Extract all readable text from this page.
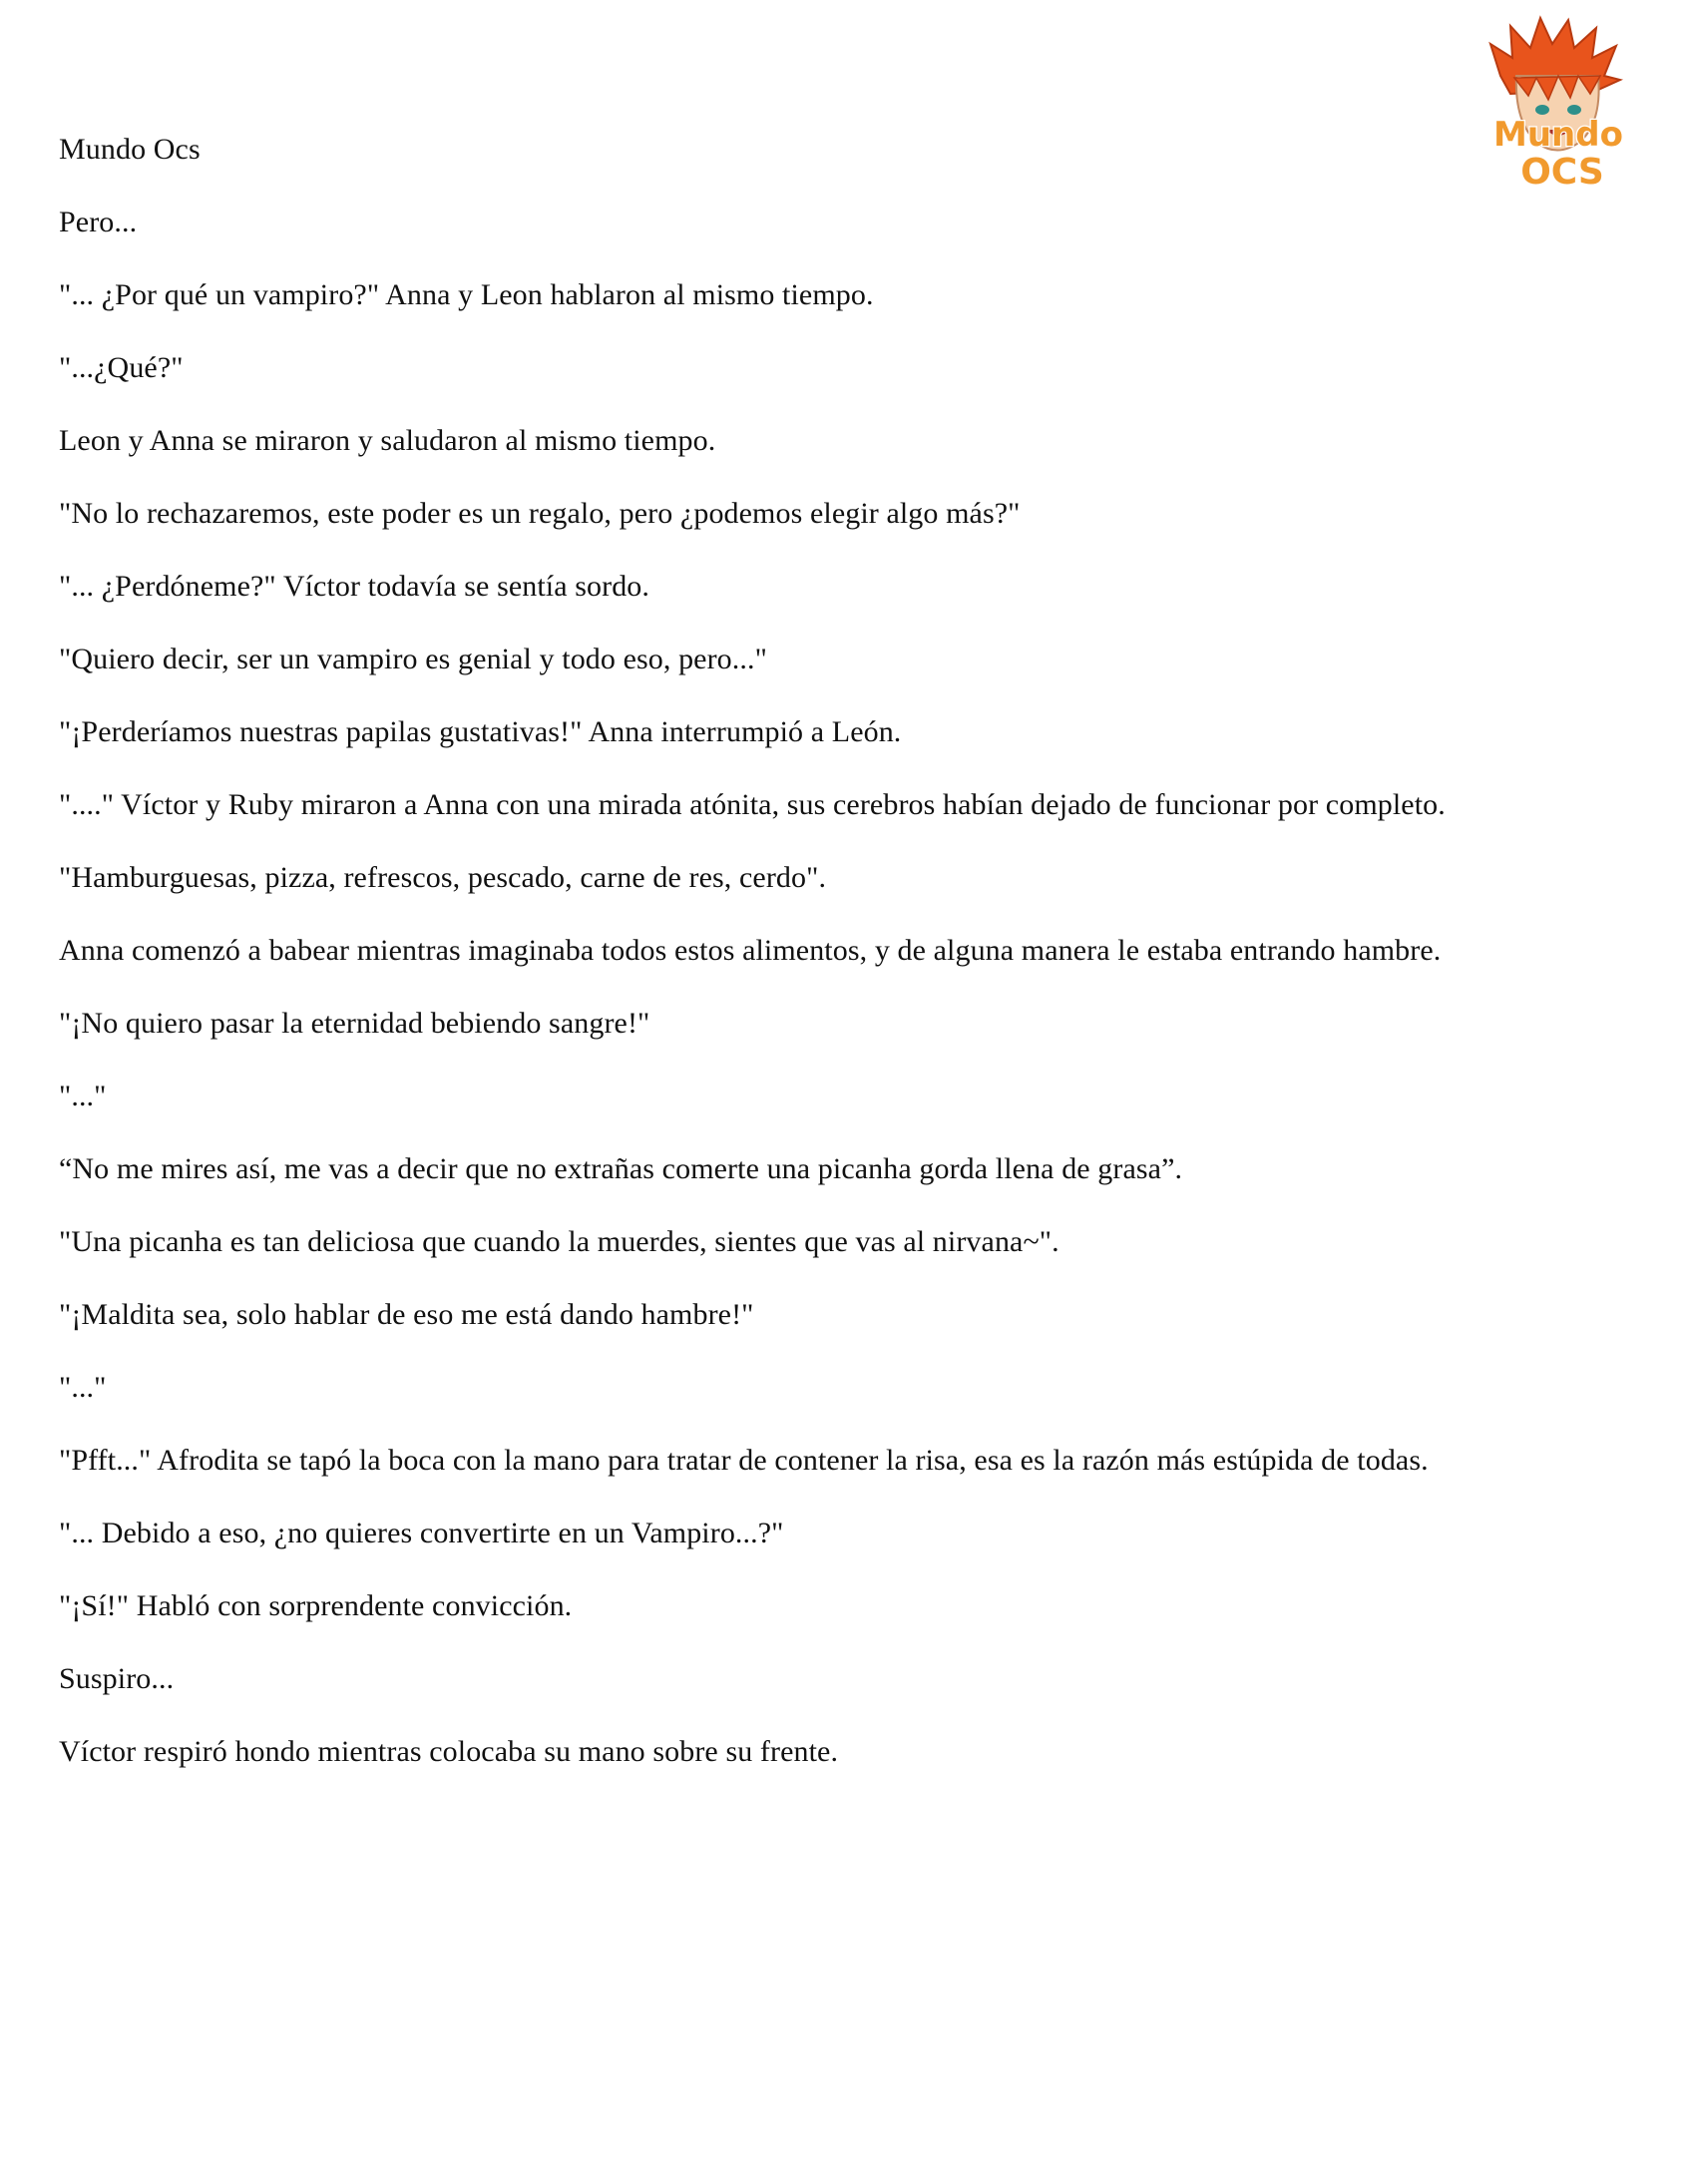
Mundo
OCS

Mundo Ocs

Pero...

"... ¿Por qué un vampiro?" Anna y Leon hablaron al mismo tiempo.

"...¿Qué?"

Leon y Anna se miraron y saludaron al mismo tiempo.

"No lo rechazaremos, este poder es un regalo, pero ¿podemos elegir algo más?"

"... ¿Perdóneme?" Víctor todavía se sentía sordo.

"Quiero decir, ser un vampiro es genial y todo eso, pero..."

"¡Perderíamos nuestras papilas gustativas!" Anna interrumpió a León.

"...." Víctor y Ruby miraron a Anna con una mirada atónita, sus cerebros habían dejado de funcionar por completo.

"Hamburguesas, pizza, refrescos, pescado, carne de res, cerdo".

Anna comenzó a babear mientras imaginaba todos estos alimentos, y de alguna manera le estaba entrando hambre.

"¡No quiero pasar la eternidad bebiendo sangre!"

"..."

“No me mires así, me vas a decir que no extrañas comerte una picanha gorda llena de grasa”.

"Una picanha es tan deliciosa que cuando la muerdes, sientes que vas al nirvana~".

"¡Maldita sea, solo hablar de eso me está dando hambre!"

"..."

"Pfft..." Afrodita se tapó la boca con la mano para tratar de contener la risa, esa es la razón más estúpida de todas.

"... Debido a eso, ¿no quieres convertirte en un Vampiro...?"

"¡Sí!" Habló con sorprendente convicción.

Suspiro...

Víctor respiró hondo mientras colocaba su mano sobre su frente.
